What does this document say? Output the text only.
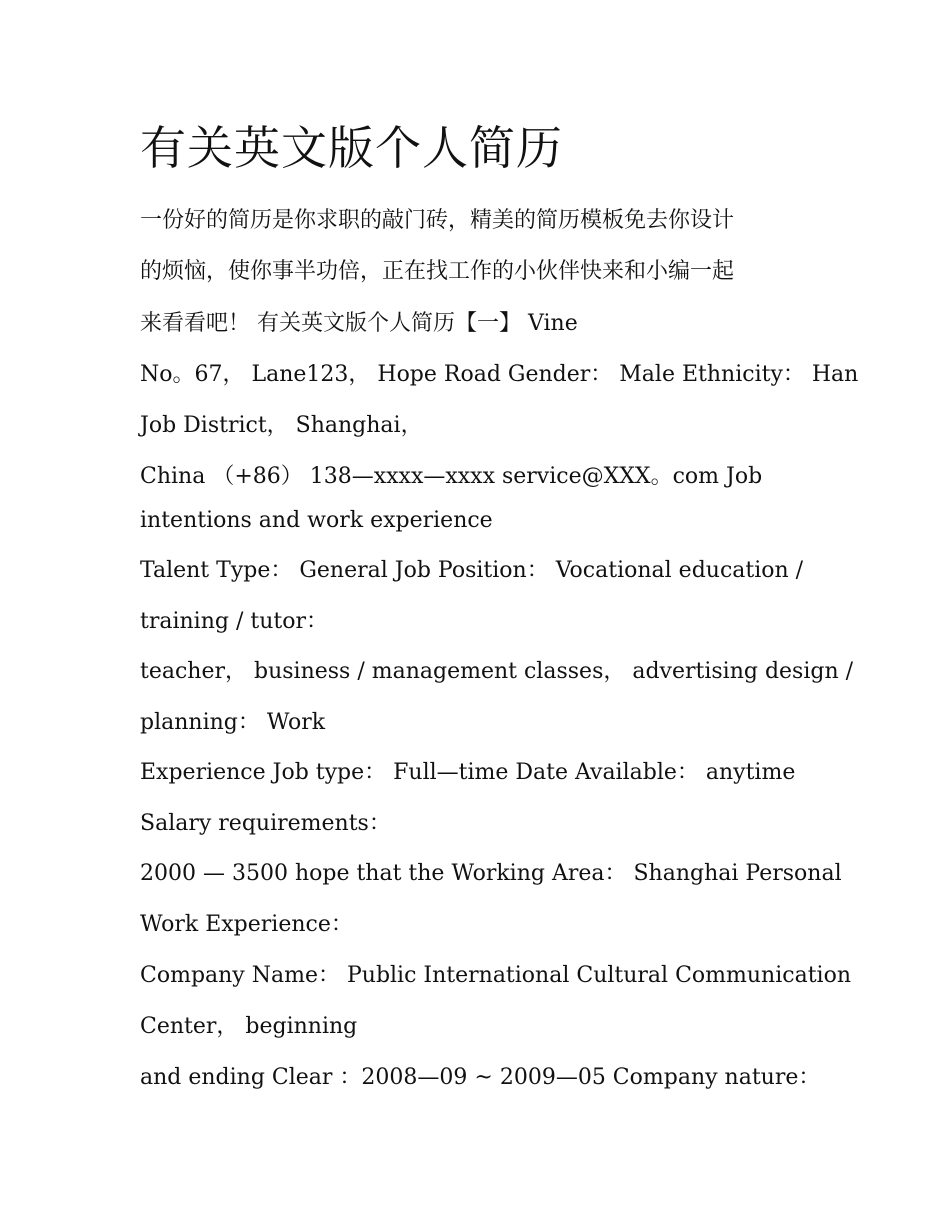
有关英文版个人简历

一份好的简历是你求职的敲门砖，精美的简历模板免去你设计

的烦恼，使你事半功倍，正在找工作的小伙伴快来和小编一起

来看看吧！ 有关英文版个人简历【一】 Vine

No。67， Lane123， Hope Road Gender： Male Ethnicity： Han

Job District， Shanghai，

China （+86） 138—xxxx—xxxx service@XXX。com Job

intentions and work experience

Talent Type： General Job Position： Vocational education /

training / tutor：

teacher， business / management classes， advertising design /

planning： Work

Experience Job type： Full—time Date Available： anytime

Salary requirements：

2000 — 3500 hope that the Working Area： Shanghai Personal

Work Experience：

Company Name： Public International Cultural Communication

Center， beginning

and ending Clear ：2008—09 ~ 2009—05 Company nature：
